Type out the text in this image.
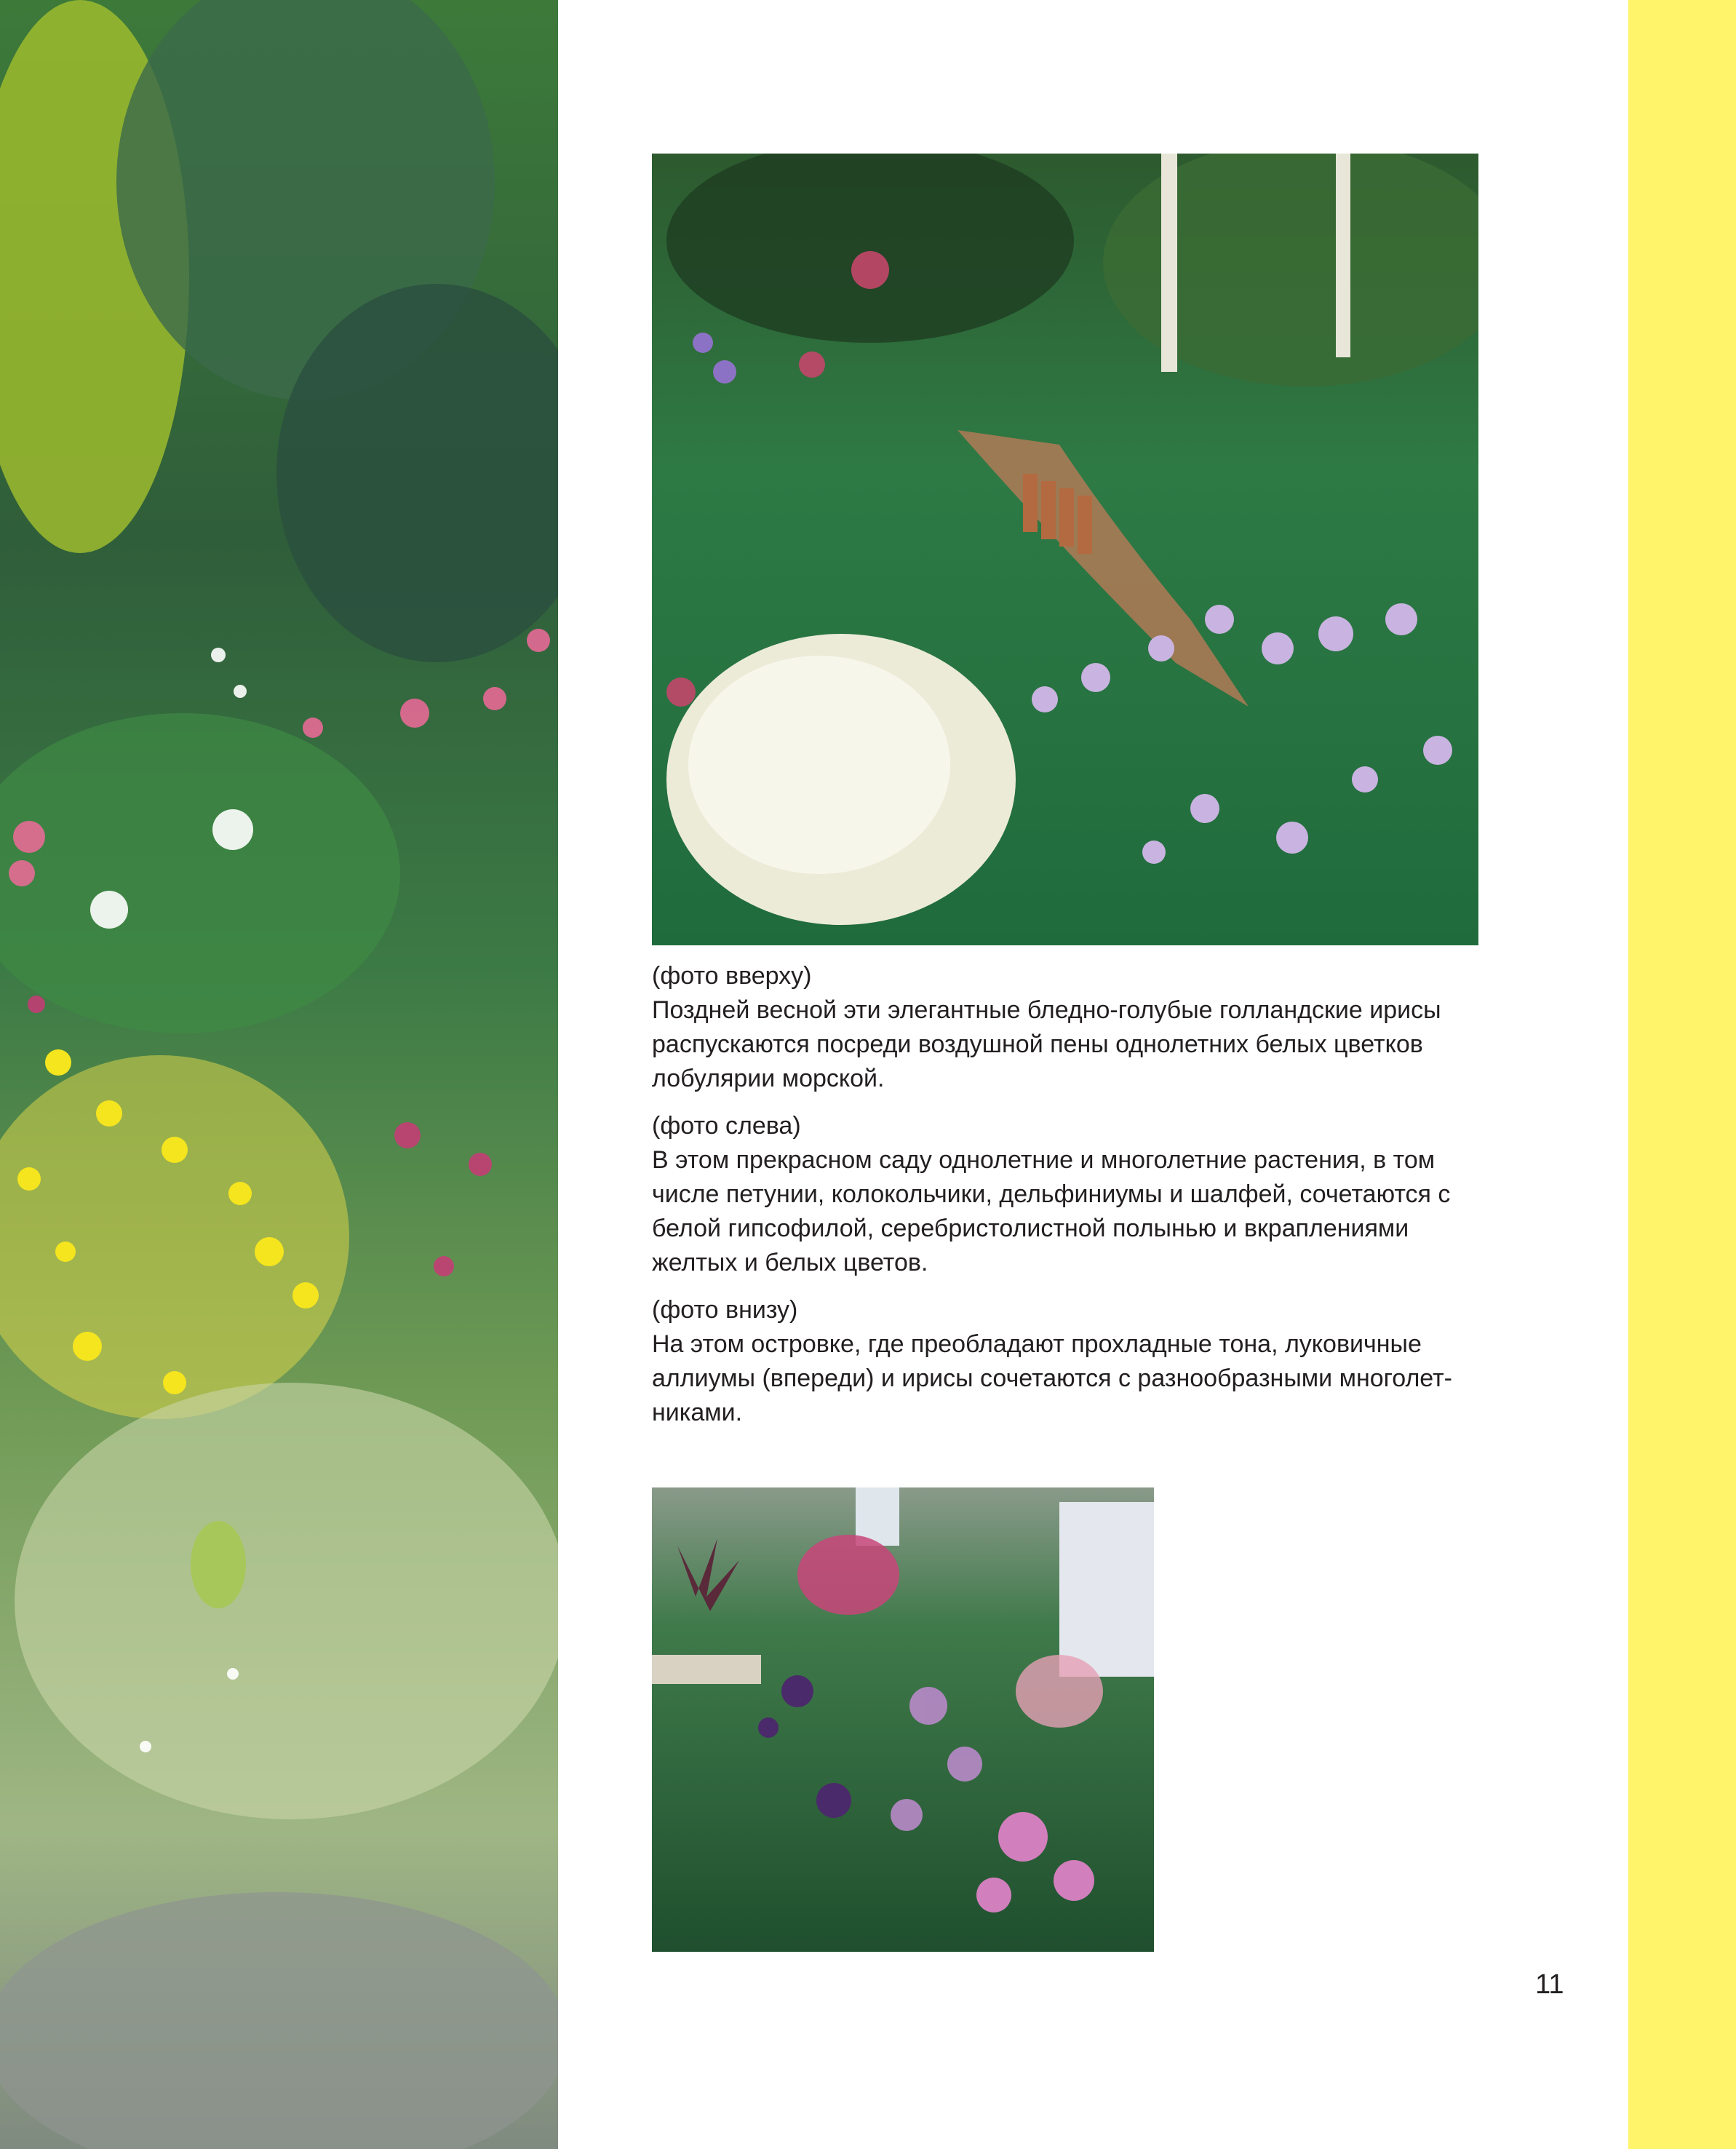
(фото вверху)
Поздней весной эти элегантные бледно-голубые голландские ирисы распускаются посреди воздушной пены однолетних белых цветков лобулярии морской.

(фото слева)
В этом прекрасном саду однолетние и многолетние растения, в том числе петунии, колокольчики, дельфиниумы и шалфей, сочетаются с белой гипсофилой, серебристолистной полынью и вкраплениями желтых и белых цветов.

(фото внизу)
На этом островке, где преобладают прохладные тона, луковичные аллиумы (впереди) и ирисы сочетаются с разнообразными многолет-никами.

11
